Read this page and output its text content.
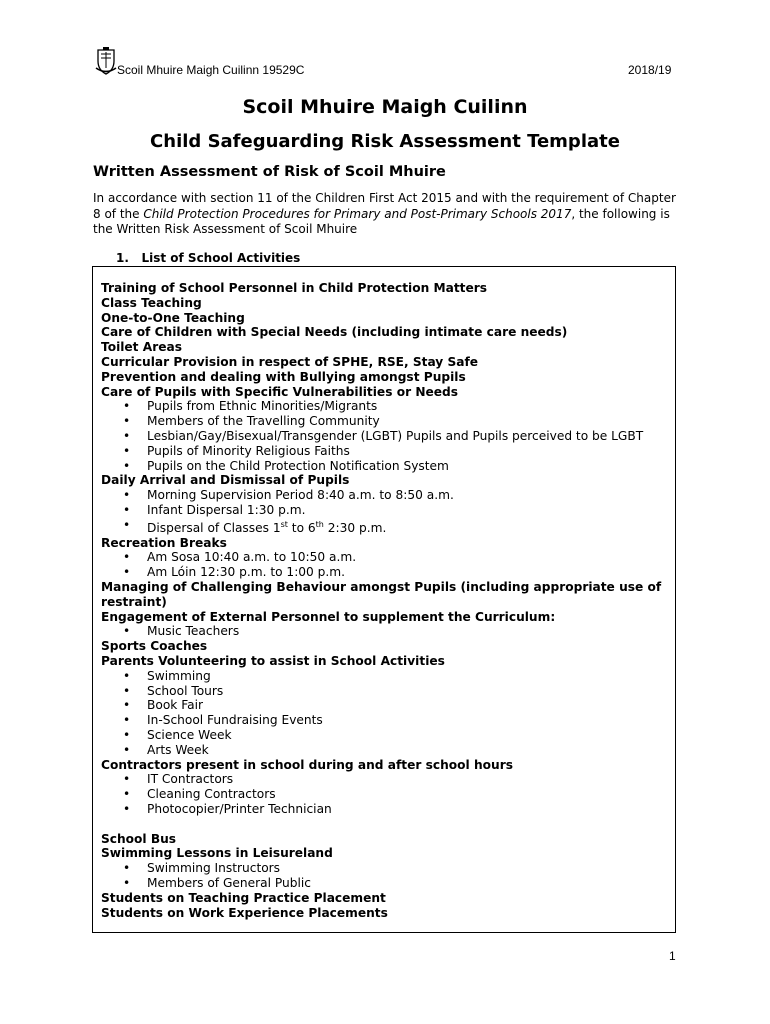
Scoil Mhuire Maigh Cuilinn 19529C	2018/19
Scoil Mhuire Maigh Cuilinn
Child Safeguarding Risk Assessment Template
Written Assessment of Risk of Scoil Mhuire
In accordance with section 11 of the Children First Act 2015 and with the requirement of Chapter 8 of the Child Protection Procedures for Primary and Post-Primary Schools 2017, the following is the Written Risk Assessment of Scoil Mhuire
1. List of School Activities
Training of School Personnel in Child Protection Matters
Class Teaching
One-to-One Teaching
Care of Children with Special Needs (including intimate care needs)
Toilet Areas
Curricular Provision in respect of SPHE, RSE, Stay Safe
Prevention and dealing with Bullying amongst Pupils
Care of Pupils with Specific Vulnerabilities or Needs
• Pupils from Ethnic Minorities/Migrants
• Members of the Travelling Community
• Lesbian/Gay/Bisexual/Transgender (LGBT) Pupils and Pupils perceived to be LGBT
• Pupils of Minority Religious Faiths
• Pupils on the Child Protection Notification System
Daily Arrival and Dismissal of Pupils
• Morning Supervision Period 8:40 a.m. to 8:50 a.m.
• Infant Dispersal 1:30 p.m.
• Dispersal of Classes 1st to 6th 2:30 p.m.
Recreation Breaks
• Am Sosa 10:40 a.m. to 10:50 a.m.
• Am Lóin 12:30 p.m. to 1:00 p.m.
Managing of Challenging Behaviour amongst Pupils (including appropriate use of restraint)
Engagement of External Personnel to supplement the Curriculum:
• Music Teachers
Sports Coaches
Parents Volunteering to assist in School Activities
• Swimming
• School Tours
• Book Fair
• In-School Fundraising Events
• Science Week
• Arts Week
Contractors present in school during and after school hours
• IT Contractors
• Cleaning Contractors
• Photocopier/Printer Technician
School Bus
Swimming Lessons in Leisureland
• Swimming Instructors
• Members of General Public
Students on Teaching Practice Placement
Students on Work Experience Placements
1
